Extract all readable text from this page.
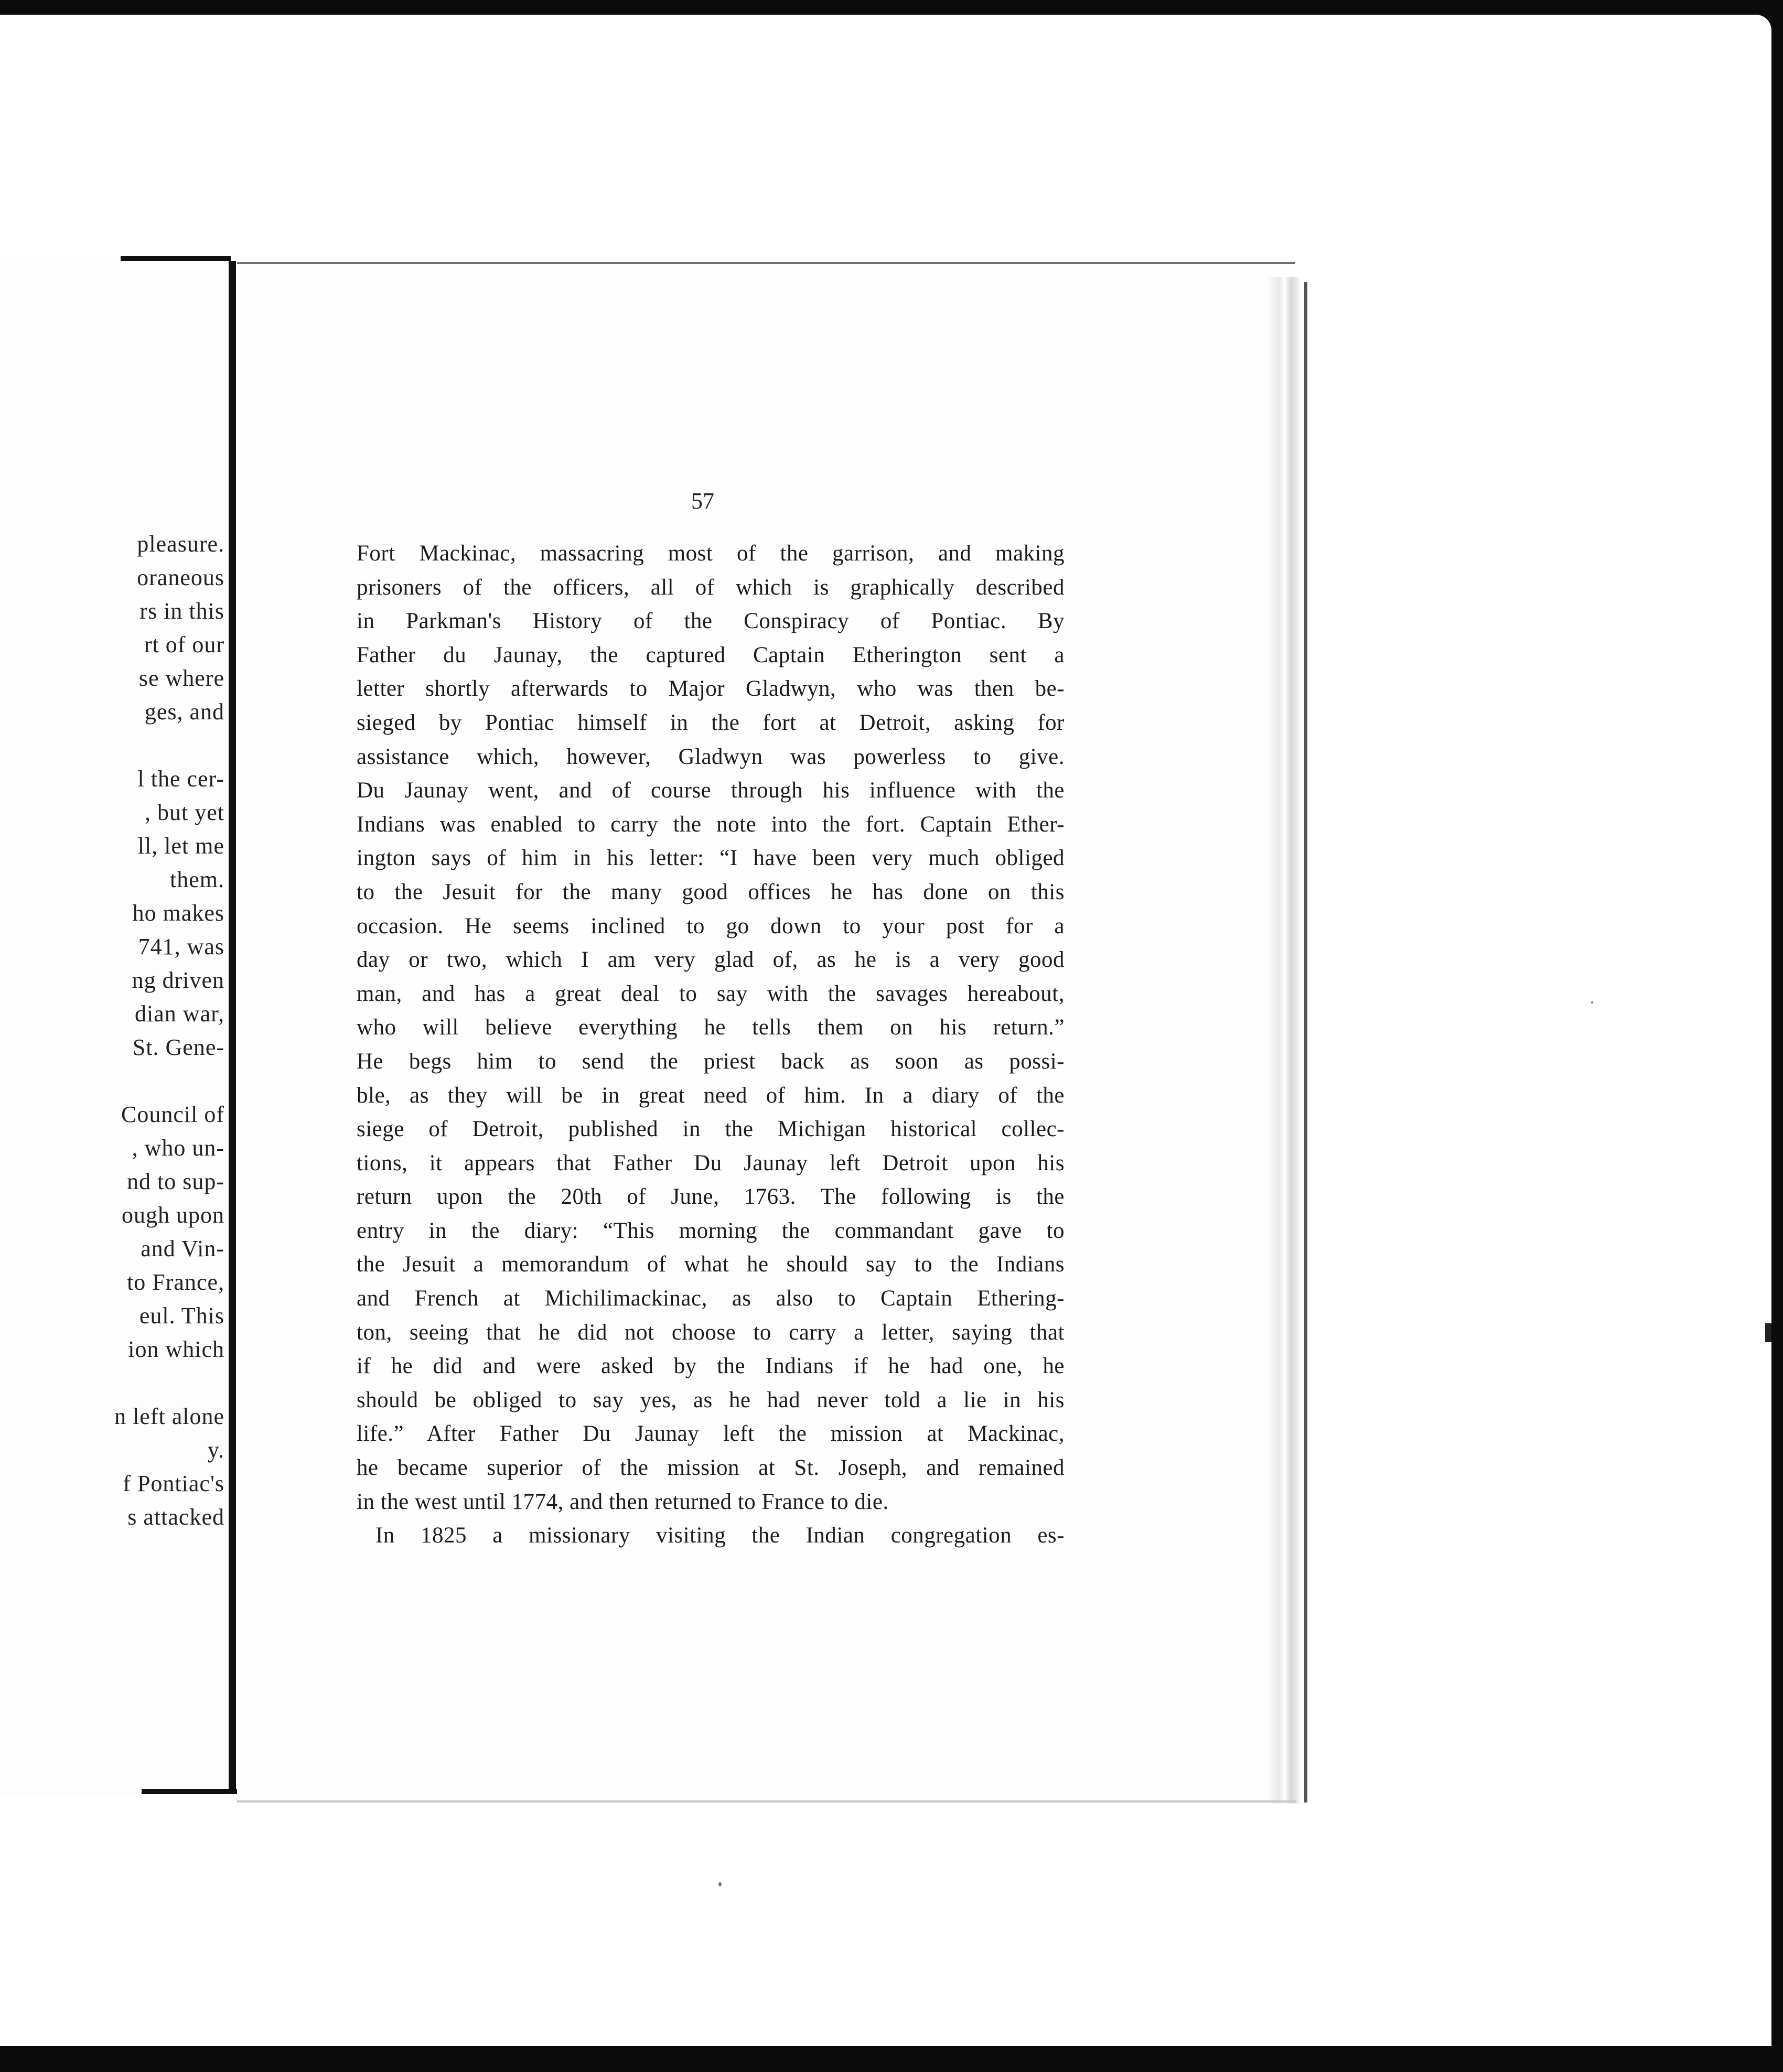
pleasure.

oraneous

rs in this

rt of our

se where

ges, and

l the cer-

, but yet

ll, let me

them.

ho makes

741, was

ng driven

dian war,

St. Gene-

Council of

, who un-

nd to sup-

ough upon

and Vin-

to France,

eul. This

ion which

n left alone

y.

f Pontiac's

s attacked

57

Fort Mackinac, massacring most of the garrison, and making

prisoners of the officers, all of which is graphically described

in Parkman's History of the Conspiracy of Pontiac. By

Father du Jaunay, the captured Captain Etherington sent a

letter shortly afterwards to Major Gladwyn, who was then be-

sieged by Pontiac himself in the fort at Detroit, asking for

assistance which, however, Gladwyn was powerless to give.

Du Jaunay went, and of course through his influence with the

Indians was enabled to carry the note into the fort. Captain Ether-

ington says of him in his letter: “I have been very much obliged

to the Jesuit for the many good offices he has done on this

occasion. He seems inclined to go down to your post for a

day or two, which I am very glad of, as he is a very good

man, and has a great deal to say with the savages hereabout,

who will believe everything he tells them on his return.”

He begs him to send the priest back as soon as possi-

ble, as they will be in great need of him. In a diary of the

siege of Detroit, published in the Michigan historical collec-

tions, it appears that Father Du Jaunay left Detroit upon his

return upon the 20th of June, 1763. The following is the

entry in the diary: “This morning the commandant gave to

the Jesuit a memorandum of what he should say to the Indians

and French at Michilimackinac, as also to Captain Ethering-

ton, seeing that he did not choose to carry a letter, saying that

if he did and were asked by the Indians if he had one, he

should be obliged to say yes, as he had never told a lie in his

life.” After Father Du Jaunay left the mission at Mackinac,

he became superior of the mission at St. Joseph, and remained

in the west until 1774, and then returned to France to die.

In 1825 a missionary visiting the Indian congregation es-
